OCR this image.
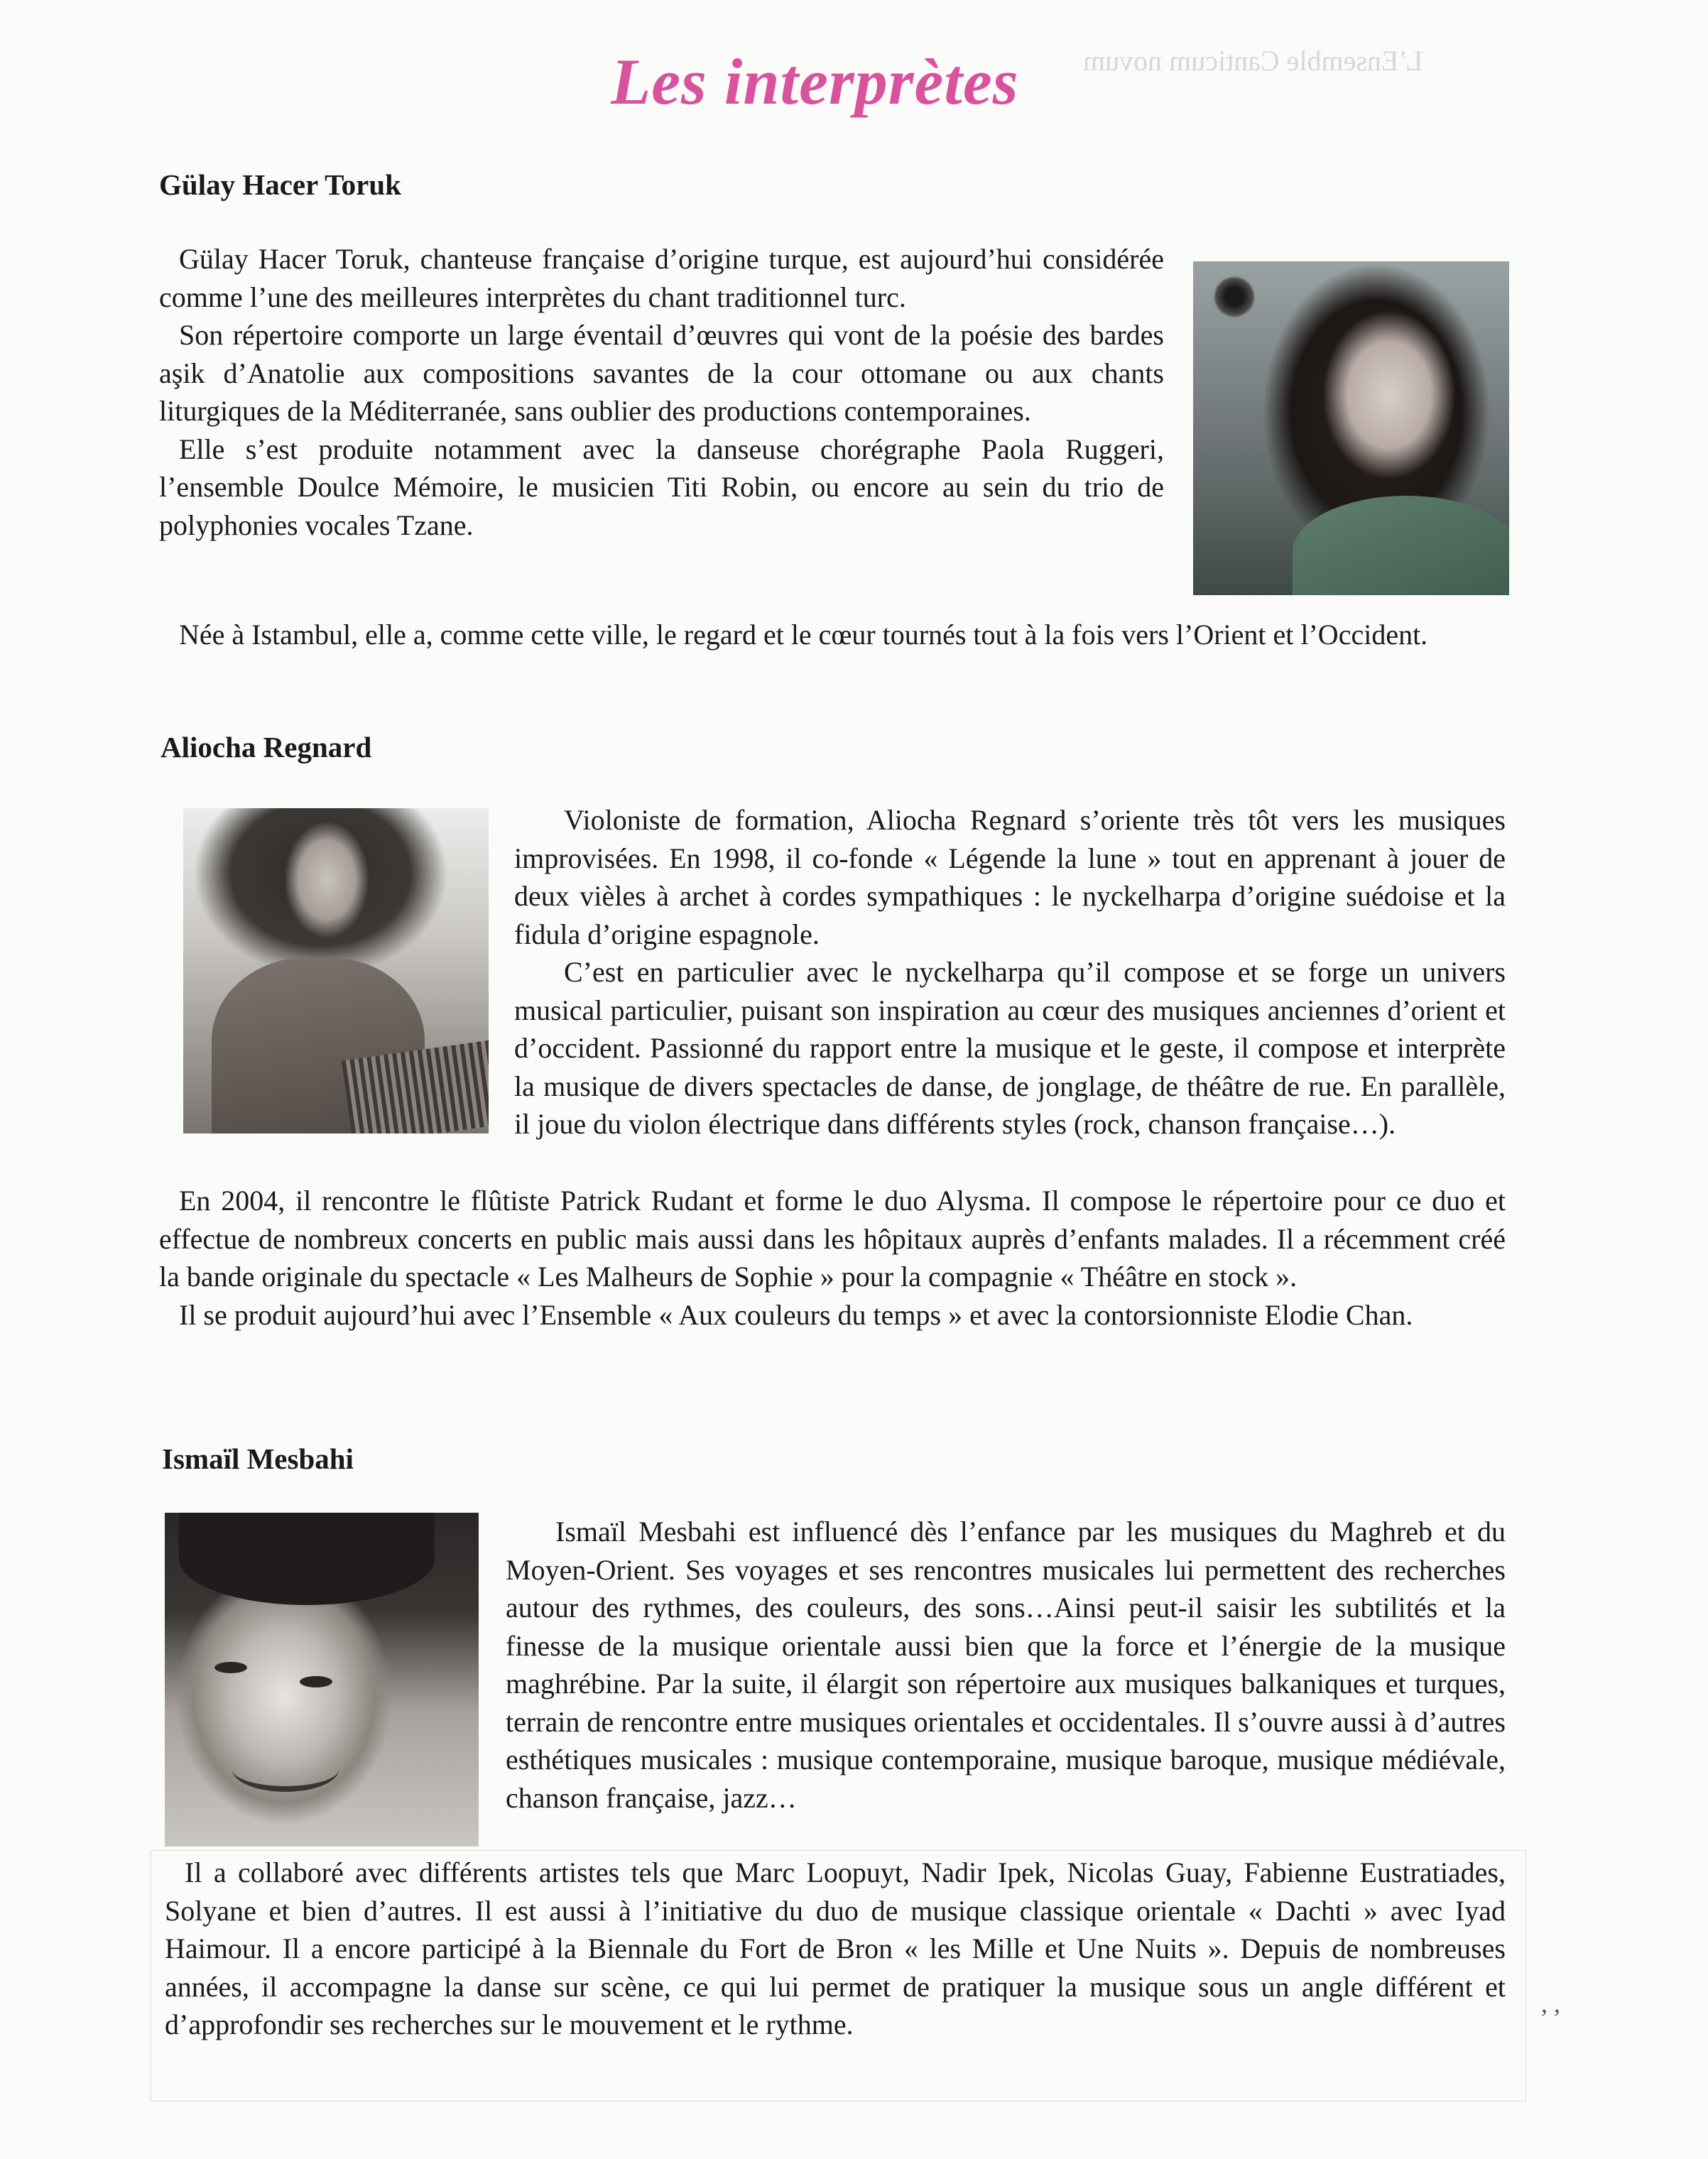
L’Ensemble Canticum novum
Les interprètes
Gülay Hacer Toruk

Gülay Hacer Toruk, chanteuse française d’origine turque, est aujourd’hui considérée comme l’une des meilleures interprètes du chant traditionnel turc.

Son répertoire comporte un large éventail d’œuvres qui vont de la poésie des bardes aşik d’Anatolie aux compositions savantes de la cour ottomane ou aux chants liturgiques de la Méditerranée, sans oublier des productions contemporaines.

Elle s’est produite notamment avec la danseuse chorégraphe Paola Ruggeri, l’ensemble Doulce Mémoire, le musicien Titi Robin, ou encore au sein du trio de polyphonies vocales Tzane.

Née à Istambul, elle a, comme cette ville, le regard et le cœur tournés tout à la fois vers l’Orient et l’Occident.

Aliocha Regnard

Violoniste de formation, Aliocha Regnard s’oriente très tôt vers les musiques improvisées. En 1998, il co-fonde « Légende la lune » tout en apprenant à jouer de deux vièles à archet à cordes sympathiques : le nyckelharpa d’origine suédoise et la fidula d’origine espagnole.

C’est en particulier avec le nyckelharpa qu’il compose et se forge un univers musical particulier, puisant son inspiration au cœur des musiques anciennes d’orient et d’occident. Passionné du rapport entre la musique et le geste, il compose et interprète la musique de divers spectacles de danse, de jonglage, de théâtre de rue. En parallèle, il joue du violon électrique dans différents styles (rock, chanson française…).

En 2004, il rencontre le flûtiste Patrick Rudant et forme le duo Alysma. Il compose le répertoire pour ce duo et effectue de nombreux concerts en public mais aussi dans les hôpitaux auprès d’enfants malades. Il a récemment créé la bande originale du spectacle « Les Malheurs de Sophie » pour la compagnie « Théâtre en stock ».

Il se produit aujourd’hui avec l’Ensemble « Aux couleurs du temps » et avec la contorsionniste Elodie Chan.

Ismaïl Mesbahi

Ismaïl Mesbahi est influencé dès l’enfance par les musiques du Maghreb et du Moyen-Orient. Ses voyages et ses rencontres musicales lui permettent des recherches autour des rythmes, des couleurs, des sons…Ainsi peut-il saisir les subtilités et la finesse de la musique orientale aussi bien que la force et l’énergie de la musique maghrébine. Par la suite, il élargit son répertoire aux musiques balkaniques et turques, terrain de rencontre entre musiques orientales et occidentales. Il s’ouvre aussi à d’autres esthétiques musicales : musique contemporaine, musique baroque, musique médiévale, chanson française, jazz…

Il a collaboré avec différents artistes tels que Marc Loopuyt, Nadir Ipek, Nicolas Guay, Fabienne Eustratiades, Solyane et bien d’autres. Il est aussi à l’initiative du duo de musique classique orientale « Dachti » avec Iyad Haimour. Il a encore participé à la Biennale du Fort de Bron « les Mille et Une Nuits ». Depuis de nombreuses années, il accompagne la danse sur scène, ce qui lui permet de pratiquer la musique sous un angle différent et d’approfondir ses recherches sur le mouvement et le rythme.

, ,
